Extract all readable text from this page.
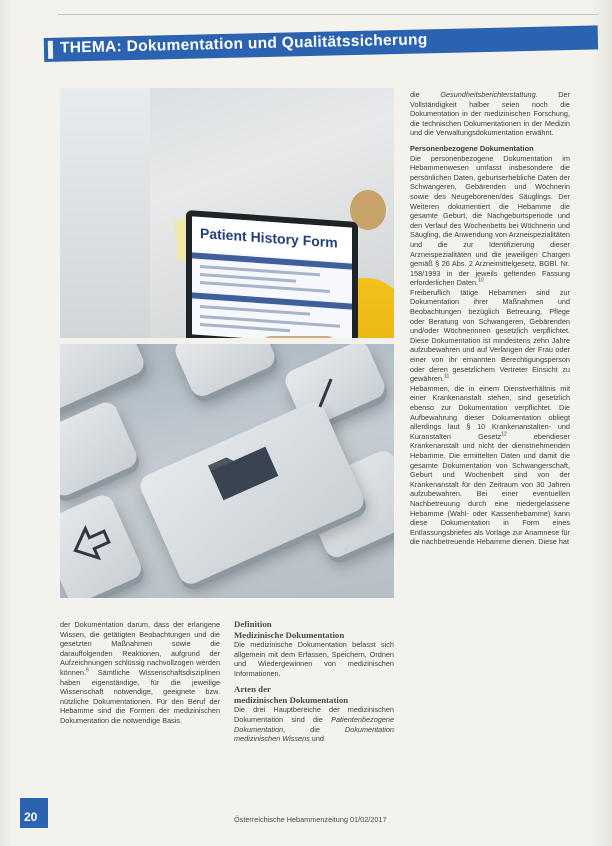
THEMA: Dokumentation und Qualitätssicherung
Patient History Form

der Dokumentation darum, dass der erlangene Wissen, die getätigten Beobachtungen und die gesetzten Maßnahmen sowie die darauffolgenden Reaktionen, aufgrund der Aufzeichnungen schlüssig nachvollzogen werden können.$^6$ Sämtliche Wissenschaftsdisziplinen haben eigenständige, für die jeweilige Wissenschaft notwendige, geeignete bzw. nützliche Dokumentationen. Für den Beruf der Hebamme sind die Formen der medizinischen Dokumentation die notwendige Basis.

Definition
Medizinische Dokumentation

Die medizinische Dokumentation befasst sich allgemein mit dem Erfassen, Speichern, Ordnen und Wiedergewinnen von medizinischen Informationen.

Arten der
medizinischen Dokumentation

Die drei Hauptbereiche der medizinischen Dokumentation sind die Patientenbezogene Dokumentation, die Dokumentation medizinischen Wissens und

die Gesundheitsberichterstattung. Der Vollständigkeit halber seien noch die Dokumentation in der medizinischen Forschung, die technischen Dokumentationen in der Medizin und die Verwaltungsdokumentation erwähnt.

Personenbezogene Dokumentation

Die personenbezogene Dokumentation im Hebammenwesen umfasst insbesondere die persönlichen Daten, geburtserhebliche Daten der Schwangeren, Gebärenden und Wöchnerin sowie des Neugeborenen/des Säuglings. Der Weiteren dokumentiert die Hebamme die gesamte Geburt, die Nachgeburtsperiode und den Verlauf des Wochenbetts bei Wöchnerin und Säugling, die Anwendung von Arzneispezialitäten und die zur Identifizierung dieser Arzneispezialitäten und die jeweiligen Chargen gemäß § 26 Abs. 2 Arzneimittelgesetz, BGBl. Nr. 158/1993 in der jeweils geltenden Fassung erforderlichen Daten.$^{10}$

Freiberuflich tätige Hebammen sind zur Dokumentation ihrer Maßnahmen und Beobachtungen bezüglich Betreuung, Pflege oder Beratung von Schwangeren, Gebärenden und/oder Wöchnerinnen gesetzlich verpflichtet. Diese Dokumentation ist mindestens zehn Jahre aufzubewahren und auf Verlangen der Frau oder einer von ihr ernannten Berechtigungsperson oder deren gesetzlichem Vertreter Einsicht zu gewähren.$^{11}$

Hebammen, die in einem Dienstverhältnis mit einer Krankenanstalt stehen, sind gesetzlich ebenso zur Dokumentation verpflichtet. Die Aufbewahrung dieser Dokumentation obliegt allerdings laut § 10 Krankenanstalten- und Kuranstalten Gesetz$^{12}$ ebendieser Krankenanstalt und nicht der dienstnehmenden Hebamme. Die ermittelten Daten und damit die gesamte Dokumentation von Schwangerschaft, Geburt und Wochenbett sind von der Krankenanstalt für den Zeitraum von 30 Jahren aufzubewahren. Bei einer eventuellen Nachbetreuung durch eine niedergelassene Hebamme (Wahl- oder Kassenhebamme) kann diese Dokumentation in Form eines Entlassungsbriefes als Vorlage zur Anamnese für die nachbetreuende Hebamme dienen. Diese hat

20	Österreichische Hebammenzeitung 01/02/2017
